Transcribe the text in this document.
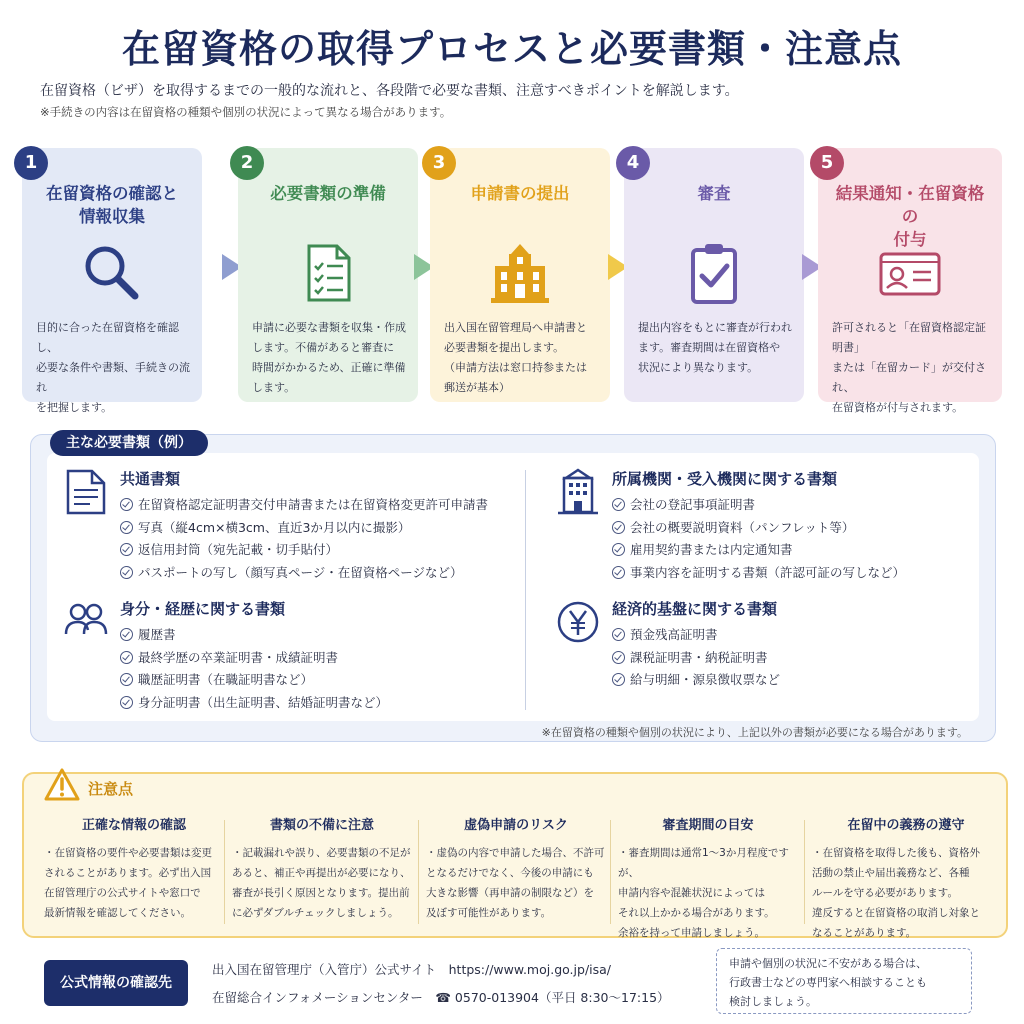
在留資格の取得プロセスと必要書類・注意点
在留資格（ビザ）を取得するまでの一般的な流れと、各段階で必要な書類、注意すべきポイントを解説します。
※手続きの内容は在留資格の種類や個別の状況によって異なる場合があります。
1
在留資格の確認と
情報収集
目的に合った在留資格を確認し、
必要な条件や書類、手続きの流れ
を把握します。
2
必要書類の準備
申請に必要な書類を収集・作成
します。不備があると審査に
時間がかかるため、正確に準備
します。
3
申請書の提出
出入国在留管理局へ申請書と
必要書類を提出します。
（申請方法は窓口持参または
郵送が基本）
4
審査
提出内容をもとに審査が行われ
ます。審査期間は在留資格や
状況により異なります。
5
結果通知・在留資格の
付与
許可されると「在留資格認定証明書」
または「在留カード」が交付され、
在留資格が付与されます。
主な必要書類（例）
共通書類
在留資格認定証明書交付申請書または在留資格変更許可申請書
写真（縦4cm×横3cm、直近3か月以内に撮影）
返信用封筒（宛先記載・切手貼付）
パスポートの写し（顔写真ページ・在留資格ページなど）
身分・経歴に関する書類
履歴書
最終学歴の卒業証明書・成績証明書
職歴証明書（在職証明書など）
身分証明書（出生証明書、結婚証明書など）
所属機関・受入機関に関する書類
会社の登記事項証明書
会社の概要説明資料（パンフレット等）
雇用契約書または内定通知書
事業内容を証明する書類（許認可証の写しなど）
経済的基盤に関する書類
預金残高証明書
課税証明書・納税証明書
給与明細・源泉徴収票など
※在留資格の種類や個別の状況により、上記以外の書類が必要になる場合があります。
注意点
正確な情報の確認
・在留資格の要件や必要書類は変更
されることがあります。必ず出入国
在留管理庁の公式サイトや窓口で
最新情報を確認してください。
書類の不備に注意
・記載漏れや誤り、必要書類の不足が
あると、補正や再提出が必要になり、
審査が長引く原因となります。提出前
に必ずダブルチェックしましょう。
虚偽申請のリスク
・虚偽の内容で申請した場合、不許可
となるだけでなく、今後の申請にも
大きな影響（再申請の制限など）を
及ぼす可能性があります。
審査期間の目安
・審査期間は通常1～3か月程度ですが、
申請内容や混雑状況によっては
それ以上かかる場合があります。
余裕を持って申請しましょう。
在留中の義務の遵守
・在留資格を取得した後も、資格外
活動の禁止や届出義務など、各種
ルールを守る必要があります。
違反すると在留資格の取消し対象と
なることがあります。
公式情報の確認先
出入国在留管理庁（入管庁）公式サイト　https://www.moj.go.jp/isa/
在留総合インフォメーションセンター　☎ 0570-013904（平日 8:30～17:15）
申請や個別の状況に不安がある場合は、
行政書士などの専門家へ相談することも
検討しましょう。
